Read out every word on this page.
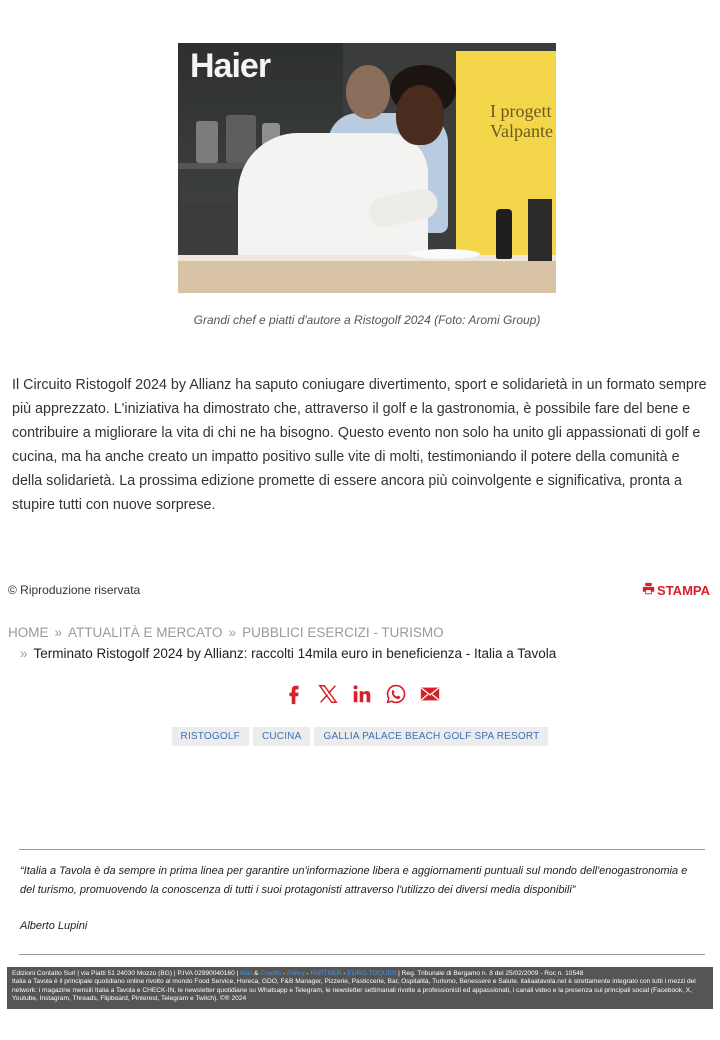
Haier
I progett
Valpante
Grandi chef e piatti d'autore a Ristogolf 2024 (Foto: Aromi Group)

Il Circuito Ristogolf 2024 by Allianz ha saputo coniugare divertimento, sport e solidarietà in un formato sempre più apprezzato. L'iniziativa ha dimostrato che, attraverso il golf e la gastronomia, è possibile fare del bene e contribuire a migliorare la vita di chi ne ha bisogno. Questo evento non solo ha unito gli appassionati di golf e cucina, ma ha anche creato un impatto positivo sulle vite di molti, testimoniando il potere della comunità e della solidarietà. La prossima edizione promette di essere ancora più coinvolgente e significativa, pronta a stupire tutti con nuove sorprese.

© Riproduzione riservata	STAMPA
HOME » ATTUALITÀ E MERCATO » PUBBLICI ESERCIZI - TURISMO
» Terminato Ristogolf 2024 by Allianz: raccolti 14mila euro in beneficienza - Italia a Tavola
RISTOGOLF	CUCINA	GALLIA PALACE BEACH GOLF SPA RESORT

“Italia a Tavola è da sempre in prima linea per garantire un'informazione libera e aggiornamenti puntuali sul mondo dell'enogastronomia e del turismo, promuovendo la conoscenza di tutti i suoi protagonisti attraverso l'utilizzo dei diversi media disponibili”

Alberto Lupini

Edizioni Contatto Surl | via Piatti 51 24030 Mozzo (BG) | P.IVA 02990040160 | Mail & Credits - Policy - PARTNER - EURO-TOQUES | Reg. Tribunale di Bergamo n. 8 del 25/02/2009 - Roc n. 10548
Italia a Tavola è il principale quotidiano online rivolto al mondo Food Service, Horeca, GDO, F&B Manager, Pizzerie, Pasticcerie, Bar, Ospitalità, Turismo, Benessere e Salute. italiaatavola.net è strettamente integrato con tutti i mezzi del network: i magazine mensili Italia a Tavola e CHECK-IN, le newsletter quotidiane su Whatsapp e Telegram, le newsletter settimanali rivolte a professionisti ed appassionati, i canali video e la presenza sui principali social (Facebook, X, Youtube, Instagram, Threads, Flipboard, Pinterest, Telegram e Twitch). ©® 2024
